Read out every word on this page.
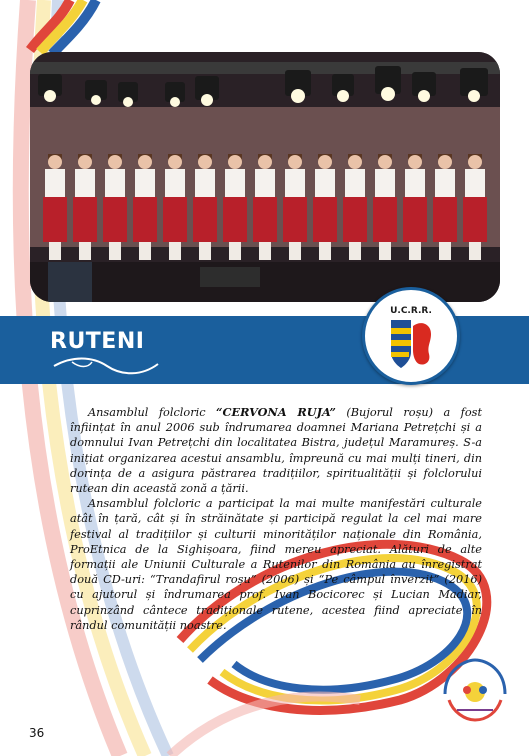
RUTENI
U.C.R.R.

Ansamblul folcloric “CERVONA RUJA” (Bujorul roșu) a fost înființat în anul 2006 sub îndrumarea doamnei Mariana Petrețchi și a domnului Ivan Petrețchi din localitatea Bistra, județul Maramureș. S-a inițiat organizarea acestui ansamblu, împreună cu mai mulți tineri, din dorința de a asigura păstrarea tradițiilor, spiritualității și folclorului rutean din această zonă a țării.

Ansamblul folcloric a participat la mai multe manifestări culturale atât în țară, cât și în străinătate și participă regulat la cel mai mare festival al tradițiilor și culturii minorităților naționale din România, ProEtnica de la Sighișoara, fiind mereu apreciat. Alături de alte formații ale Uniunii Culturale a Rutenilor din România au înregistrat două CD-uri: “Trandafirul roșu” (2006) și “Pe câmpul înverzit” (2016) cu ajutorul și îndrumarea prof. Ivan Bocicorec și Lucian Madiar, cuprinzând cântece tradiționale rutene, acestea fiind apreciate în rândul comunității noastre.

36
